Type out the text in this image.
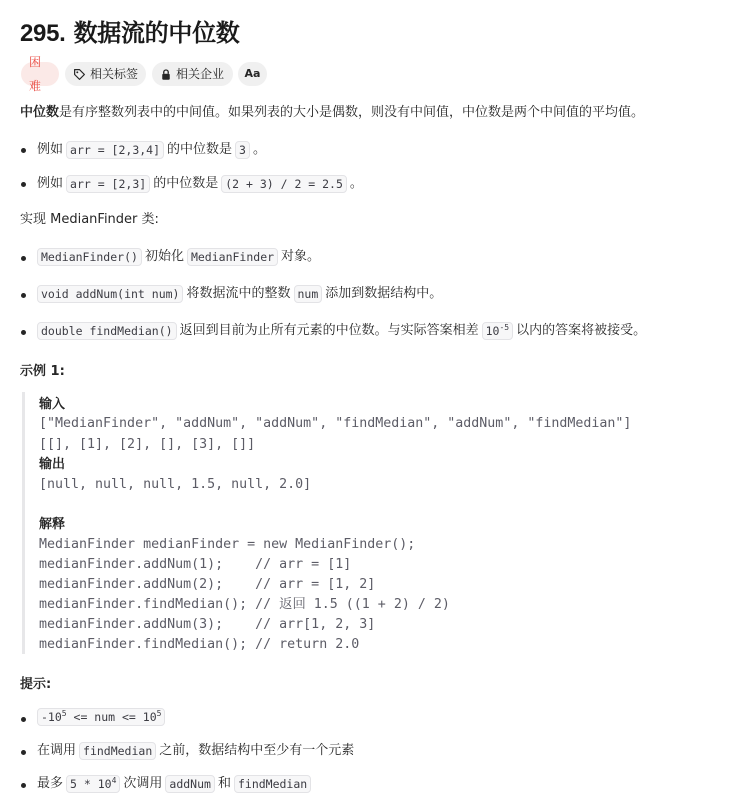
295. 数据流的中位数
困难
相关标签	相关企业 Aa
中位数是有序整数列表中的中间值。如果列表的大小是偶数，则没有中间值，中位数是两个中间值的平均值。
例如 arr = [2,3,4] 的中位数是 3 。
例如 arr = [2,3] 的中位数是 (2 + 3) / 2 = 2.5 。
实现 MedianFinder 类:
MedianFinder() 初始化 MedianFinder 对象。
void addNum(int num) 将数据流中的整数 num 添加到数据结构中。
double findMedian() 返回到目前为止所有元素的中位数。与实际答案相差 $10^{-5}$ 以内的答案将被接受。
示例 1:
输入
["MedianFinder", "addNum", "addNum", "findMedian", "addNum", "findMedian"]
[[], [1], [2], [], [3], []]
输出
[null, null, null, 1.5, null, 2.0]
解释
MedianFinder medianFinder = new MedianFinder();
medianFinder.addNum(1);    // arr = [1]
medianFinder.addNum(2);    // arr = [1, 2]
medianFinder.findMedian(); // 返回 1.5 ((1 + 2) / 2)
medianFinder.addNum(3);    // arr[1, 2, 3]
medianFinder.findMedian(); // return 2.0
提示:
$-10^5$ <= num <= $10^5$
在调用 findMedian 之前，数据结构中至少有一个元素
最多 $5 * 10^4$ 次调用 addNum 和 findMedian
